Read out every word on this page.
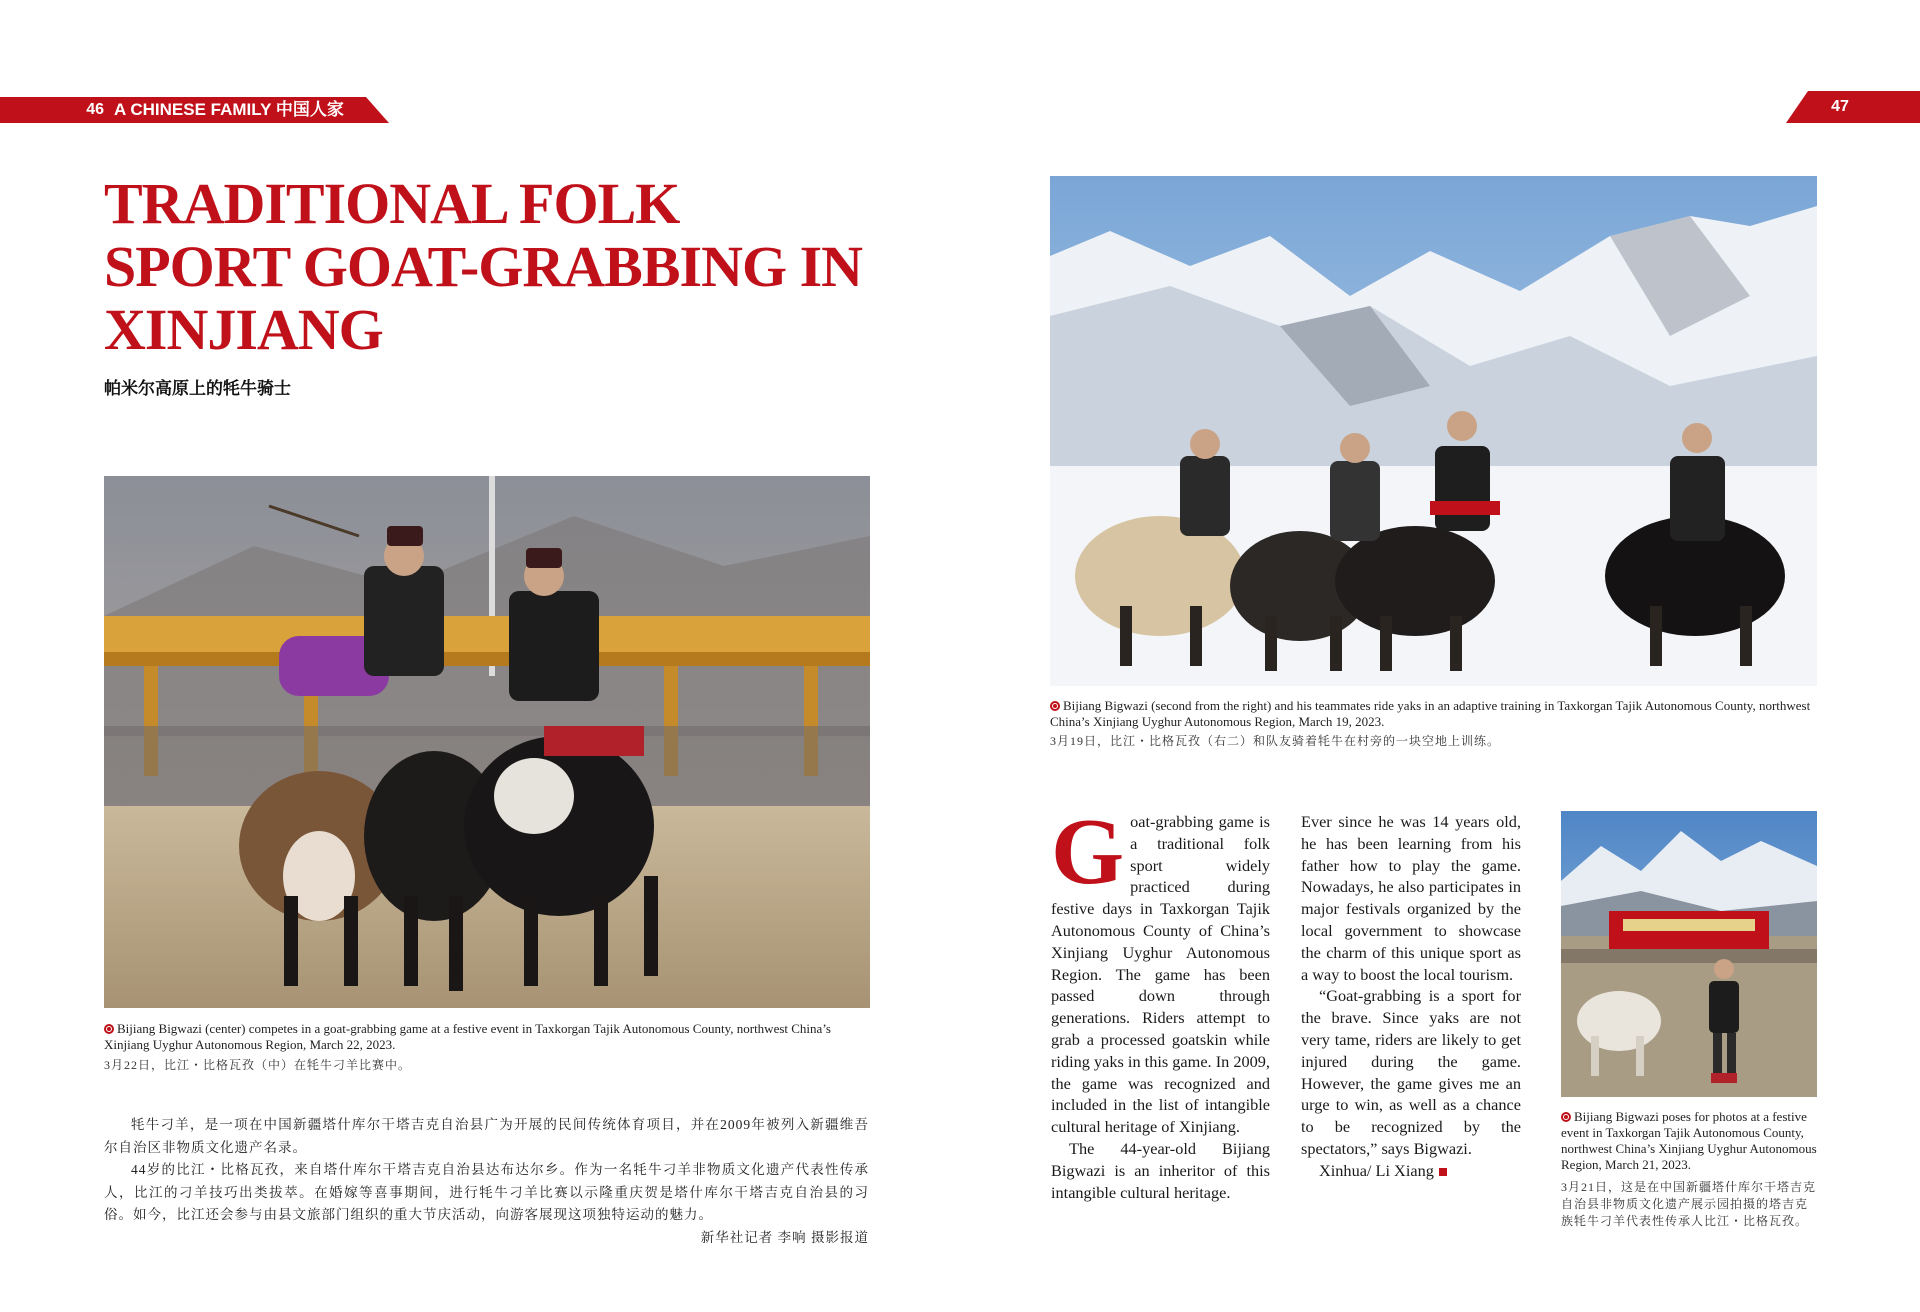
46 A CHINESE FAMILY 中国人家	47
TRADITIONAL FOLK
SPORT GOAT-GRABBING IN
XINJIANG
帕米尔高原上的牦牛骑士
Bijiang Bigwazi (center) competes in a goat-grabbing game at a festive event in Taxkorgan Tajik Autonomous County, northwest China’s Xinjiang Uyghur Autonomous Region, March 22, 2023.
3月22日，比江・比格瓦孜（中）在牦牛刁羊比赛中。

牦牛刁羊，是一项在中国新疆塔什库尔干塔吉克自治县广为开展的民间传统体育项目，并在2009年被列入新疆维吾尔自治区非物质文化遗产名录。

44岁的比江・比格瓦孜，来自塔什库尔干塔吉克自治县达布达尔乡。作为一名牦牛刁羊非物质文化遗产代表性传承人，比江的刁羊技巧出类拔萃。在婚嫁等喜事期间，进行牦牛刁羊比赛以示隆重庆贺是塔什库尔干塔吉克自治县的习俗。如今，比江还会参与由县文旅部门组织的重大节庆活动，向游客展现这项独特运动的魅力。
新华社记者 李响 摄影报道

Bijiang Bigwazi (second from the right) and his teammates ride yaks in an adaptive training in Taxkorgan Tajik Autonomous County, northwest China’s Xinjiang Uyghur Autonomous Region, March 19, 2023.
3月19日，比江・比格瓦孜（右二）和队友骑着牦牛在村旁的一块空地上训练。

Goat-grabbing game is a traditional folk sport widely practiced during festive days in Taxkorgan Tajik Autonomous County of China’s Xinjiang Uyghur Autonomous Region. The game has been passed down through generations. Riders attempt to grab a processed goatskin while riding yaks in this game. In 2009, the game was recognized and included in the list of intangible cultural heritage of Xinjiang.

The 44-year-old Bijiang Bigwazi is an inheritor of this intangible cultural heritage.

Ever since he was 14 years old, he has been learning from his father how to play the game. Nowadays, he also participates in major festivals organized by the local government to showcase the charm of this unique sport as a way to boost the local tourism.

“Goat-grabbing is a sport for the brave. Since yaks are not very tame, riders are likely to get injured during the game. However, the game gives me an urge to win, as well as a chance to be recognized by the spectators,” says Bigwazi.

Xinhua/ Li Xiang

Bijiang Bigwazi poses for photos at a festive event in Taxkorgan Tajik Autonomous County, northwest China’s Xinjiang Uyghur Autonomous Region, March 21, 2023.
3月21日，这是在中国新疆塔什库尔干塔吉克自治县非物质文化遗产展示园拍摄的塔吉克族牦牛刁羊代表性传承人比江・比格瓦孜。
